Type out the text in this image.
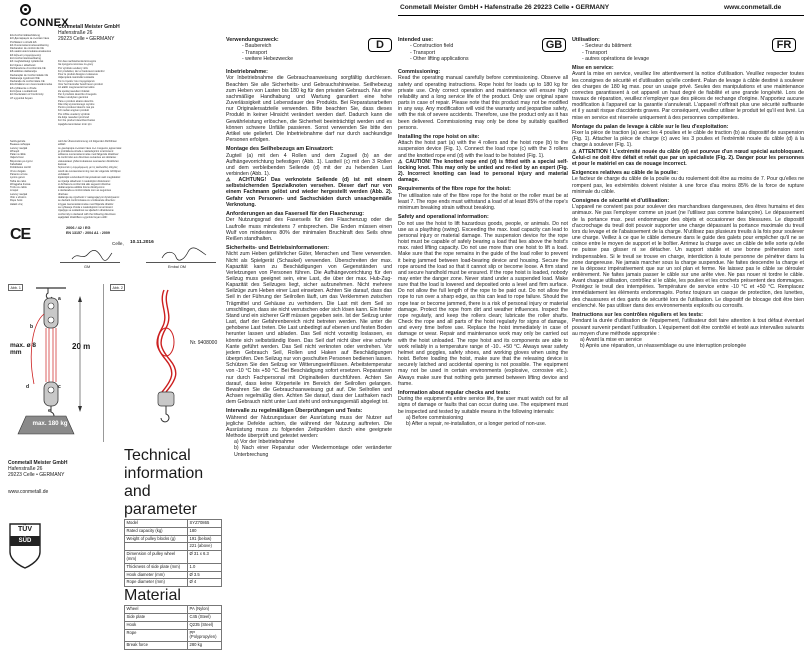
CONNEX
Conmetall Meister GmbH
Hafenstraße 26
29223 Celle • GERMANY
EG-Konformitätserklärung
ЕО Декларация за съответствие
Prohlášení o shodě ES
EF-Overensstemmelseserklæring
Déclaration de conformité CE
EK-vaatimustenmukaisuusvakuutus
ΕΚ Δήλωση συμμόρφωσης
EU-Conformiteitsverklaring
EK megfelelőségi nyilatkozat
EU izjava o skladnosti
Dichiarazione di conformità CE
EB atitikties deklaracija
Declaração de Conformidade CE
Deklaracja zgodności WE
Declarație de conformitate CE
EG-försäkran om överensstämmelse
ES vyhlásenie o zhode
EU-Izjava o sukladnosti
EC Declaration of Conformity
AT uygunluk beyanı
Für das nachstehende Erzeugnis
За продукта посочен по-долу
Pro výrobek uvedený níže
For produktet, der er beskrevet nedenfor
Pour le produit désigné ci-dessous
Jäljempänä mainitulle tuotteelle
Για το προϊόν που περιγράφεται
Voor het hieronder beschreven product
Az alább megnevezett termékre
Za spodaj navedeni izdelek
Per il prodotto descritto di seguito
Toliau nurodytam gaminiui
Para o produto abaixo descrito
Dla niżej wymienionego wyrobu
Pentru produsul descris mai jos
För nedan angiven produkt
Pre nižšie uvedený výrobok
Za dolje navedeni proizvod
For the product described below
Aşağıda tanımlanan ürün için
Seilzugwinde
Въжена лебедка
Lanový naviják
Wirespil
Palan à câble
Vaijerivinssi
Βαρούλκο με σχοινί
Kabeltakel
Drótköteles csörlő
Vrvno dvigalo
Paranco a fune
Lyninė gervė
Talha de cabo
Wciągarka linowa
Troliu cu cablu
Linspel
Lanový navijak
Vitlo s užetom
Rope hoist
Halatlı vinç
wird die Übereinstimmung mit folgenden Richtlinien erklärt:
се декларира съответствие със следните директиви:
je prohlášena shoda s následujícími směrnicemi:
erklæres overensstemmelse med følgende direktiver:
la conformité aux directives suivantes est déclarée :
vakuutetaan yhdenmukaisuus seuraavien direktiivien kanssa:
δηλώνεται η συμμόρφωση με τις ακόλουθες οδηγίες:
wordt de overeenstemming met de volgende richtlijnen verklaard:
kijelentjük a következő irányelveknek való megfelelést:
se izjavlja skladnost z naslednjimi direktivami:
si dichiara la conformità alle seguenti direttive:
deklaruojama atitiktis šioms direktyvoms:
é declarada a conformidade com as seguintes diretivas:
deklaruje się zgodność z następującymi dyrektywami:
se declară conformitatea cu următoarele directive:
intygas överensstämmelse med följande direktiv:
sa vyhlasuje zhoda s nasledujúcimi smernicami:
izjavljuje se sukladnost sa sljedećim direktivama:
conformity is declared with the following directives:
aşağıdaki direktiflere uygunluk beyan edilir:
CE	2006 / 42 / EG
EN 13157 : 2004 A1 : 2009
Celle, 10.11.2016
GM	Embal OM
Abb. 1
20 m
max. ø 8
mm
a
b
c
d
e
max. 180 kg
Abb. 2
Nr. 9408000
Technical information and parameter
Model	SYZ70865
Rated capacity (kg)	180
Weight of pulley blocks (g)	191 (below)
	221 (above)
Dimension of pulley wheel (mm)	Ø 31 x 6.3
Thickness of side plate (mm)	1.0
Hook diameter (mm)	Ø 3.5
Rope diameter (mm)	Ø 4
Material
Wheel	PA (Nylon)
Side plate	C45 (Steel)
Hook	Q235 (Steel)
Rope	PP (Polypropylen)
Break force	280 kg
Conmetall Meister GmbH
Hafenstraße 26
29223 Celle • GERMANY
www.conmetall.de
TÜV
SÜD
Conmetall Meister GmbH • Hafenstraße 26 29223 Celle • GERMANY	www.conmetall.de
D
Verwendungszweck:
- Baubereich
- Transport
- weitere Hebezwecke
Inbetriebnahme:
Vor Inbetriebnahme die Gebrauchsanweisung sorgfältig durchlesen. Beachten Sie alle Sicherheits- und Gebrauchshinweise. Seilhebezug zum Heben von Lasten bis 180 kg für den privaten Gebrauch. Nur eine sachmäßige Handhabung und Wartung garantiert eine hohe Zuverlässigkeit und Lebensdauer des Produkts. Bei Reparaturarbeiten nur Originalersatzteile verwenden. Bitte beachten Sie, dass dieses Produkt in keiner Hinsicht verändert werden darf. Dadurch kann die Gewährleistung erlöschen, die Sicherheit beeinträchtigt werden und es können schwere Unfälle passieren. Sonst verwenden Sie bitte den Artikel wie geliefert. Die Inbetriebnahme darf nur durch sachkundige Personen erfolgen.
Montage des Seilhebezugs am Einsatzort:
Zugteil (a) mit den 4 Rollen und dem Zugseil (b) an der Aufhängevorrichtung befestigen (Abb. 1). Lastteil (c) mit den 3 Rollen und dem verbleibenden Seilende (d) mit der zu hebenden Last verbinden (Abb. 1).
⚠ ACHTUNG! Das verknotete Seilende (d) ist mit einem selbstsichernden Spezialknoten versehen. Dieser darf nur von einem Fachmann gelöst und wieder hergestellt werden (Abb. 2). Gefahr von Personen- und Sachschäden durch unsachgemäße Verknotung.
Anforderungen an das Faserseil für den Flaschenzug:
Der Nutzungsgrad des Faserseils für den Flaschenzug oder die Laufrolle muss mindestens 7 entsprechen. Die Enden müssen einen Wulf von mindestens 80% der minimalen Bruchkraft des Seils ohne Reißen standhalten.
Sicherheits- und Betriebsinformationen:
Nicht zum Heben gefährlicher Güter, Menschen und Tiere verwenden. Nicht als Spielgerät (Schaukel) verwenden. Überschreiten der max. Kapazität kann zu Beschädigungen von Gegenständen und Verletzungen von Personen führen. Die Aufhängevorrichtung für den Seilzug muss geeignet sein, eine Last, die über der max. Hub-Zug-Kapazität des Seilzuges liegt, sicher aufzunehmen. Nicht mehrere Seilzüge zum Heben einer Last einsetzen. Achten Sie darauf, dass das Seil in der Führung der Seilrollen läuft, um das Verklemmen zwischen Trägmittel und Gehäuse zu verhindern. Die Last mit dem Seil so umschlingen, dass sie nicht verrutschen oder sich lösen kann. Ein fester Stand und ein sicherer Griff müssen gegeben sein. Ist der Seilzug unter Last, darf der Gefahrenbereich nicht betreten werden. Nie unter die gehobene Last treten. Die Last unbedingt auf ebenen und festen Boden herunter lassen und abladen. Das Seil nicht vorzeitig loslassen, es könnte sich selbstständig lösen. Das Seil darf nicht über eine scharfe Kante geführt werden. Das Seil nicht verknoten oder verdrehen. Vor jedem Gebrauch Seil, Rollen und Haken auf Beschädigungen überprüfen. Den Seilzug nur von geschulten Personen bedienen lassen. Schützen Sie den Seilzug vor Witterungseinflüssen. Arbeitstemperatur von -10 °C bis +50 °C. Bei Beschädigung sofort ersetzen. Reparaturen nur durch Fachpersonal mit Originalteilen durchführen. Achten Sie darauf, dass keine Körperteile im Bereich der Seilrollen gelangen. Bewahren Sie die Gebrauchsanweisung gut auf. Die Seilrollen und Achsen regelmäßig ölen. Achten Sie darauf, dass der Lasthaken nach dem Gebrauch nicht unter Last steht und ordnungsgemäß abgelegt ist.
Intervalle zu regelmäßigen Überprüfungen und Tests:
Während der Nutzungsdauer der Ausrüstung muss der Nutzer auf jegliche Defekte achten, die während der Nutzung auftreten. Die Ausrüstung muss zu folgenden Zeitpunkten durch eine geeignete Methode überprüft und getestet werden:
a) Vor der Inbetriebnahme
b) Nach einer Reparatur oder Wiedermontage oder veränderter Unterbrechung
GB
Intended use:
- Construction field
- Transport
- Other lifting applications
Commissioning:
Read the operating manual carefully before commissioning. Observe all safety and operating instructions. Rope hoist for loads up to 180 kg for private use. Only correct operation and maintenance will ensure high reliability and a long service life of the product. Only use original spare parts in case of repair. Please note that this product may not be modified in any way. Any modification will void the warranty and jeopardise safety, with the risk of severe accidents. Therefore, use the product only as it has been delivered. Commissioning may only be done by suitably qualified persons.
Installing the rope hoist on site:
Attach the hoist part (a) with the 4 rollers and the hoist rope (b) to the suspension device (Fig. 1). Connect the load rope (c) with the 3 rollers and the knotted rope end (d) with the load to be hoisted (Fig. 1).
⚠ CAUTION! The knotted rope end (d) is fitted with a special self-locking knot. This may only be untied and re-tied by an expert (Fig. 2). Incorrect knotting can lead to personal injury and material damage.
Requirements of the fibre rope for the hoist:
The utilisation rate of the fibre rope for the hoist or the roller must be at least 7. The rope ends must withstand a load of at least 85% of the rope's minimum breaking strain without breaking.
Safety and operational information:
Do not use the hoist to lift hazardous goods, people, or animals. Do not use as a plaything (swing). Exceeding the max. load capacity can lead to personal injury or material damage. The suspension device for the rope hoist must be capable of safely bearing a load that lies above the hoist's max. rated lifting capacity. Do not use more than one hoist to lift a load. Make sure that the rope remains in the guide of the load roller to prevent it being jammed between load-bearing device and housing. Secure the rope around the load so that it cannot slip or become loose. A firm stand and secure handhold must be ensured. If the rope hoist is loaded, nobody may enter the danger zone. Never stand under a suspended load. Make sure that the load is lowered and deposited onto a level and firm surface. Do not allow the full length of the rope to be paid out. Do not allow the rope to run over a sharp edge, as this can lead to rope failure. Should the rope tear or become jammed, there is a risk of personal injury or material damage. Protect the rope from dirt and weather influences. Inspect the rope regularly, and keep the rollers clean; lubricate the roller shafts. Check the rope and all parts of the hoist regularly for signs of damage, and every time before use. Replace the hoist immediately in case of damage or wear. Repair and maintenance work may only be carried out with the hoist unloaded. The rope hoist and its components are able to work reliably in a temperature range of -10.. +50 °C. Always wear safety helmet and goggles, safety shoes, and working gloves when using the hoist. Before loading the hoist, make sure that the releasing device is securely latched and accidental opening is not possible. The equipment may not be used in certain environments (explosive, corrosive etc.). Always make sure that nothing gets jammed between lifting device and frame.
Information about regular checks and tests:
During the equipment's entire service life, the user must watch out for all signs of damage or faults that can occur during use. The equipment must be inspected and tested by suitable means in the following intervals:
a) Before commissioning
b) After a repair, re-installation, or a longer period of non-use.
FR
Utilisation:
- Secteur du bâtiment
- Transport
- autres opérations de levage
Mise en service:
Avant la mise en service, veuillez lire attentivement la notice d'utilisation. Veuillez respecter toutes les consignes de sécurité et d'utilisation qu'elle contient. Palan de levage à câble destiné à soulever des charges de 180 kg max. pour un usage privé. Seules des manipulations et une maintenance correctes garantissent à cet appareil un haut degré de fiabilité et une grande longévité. Lors de travaux de réparation, veuillez n'employer que des pièces de rechange d'origine. N'apportez aucune modification à l'appareil car la garantie s'annulerait. L'appareil n'offrirait plus une sécurité suffisante et il y aurait risque d'accidents graves. Par conséquent, veuillez utiliser le produit tel qu'il est livré. La mise en service est réservée uniquement à des personnes compétentes.
Montage du palan de levage à câble sur le lieu d'exploitation:
Fixer la pièce de traction (a) avec les 4 poulies et le câble de traction (b) au dispositif de suspension (Fig. 1). Attacher la pièce de charge (c) avec les 3 poulies et l'extrémité nouée du câble (d) à la charge à soulever (Fig. 1).
⚠ ATTENTION ! L'extrémité nouée du câble (d) est pourvue d'un nœud spécial autobloquant. Celui-ci ne doit être défait et refait que par un spécialiste (Fig. 2). Danger pour les personnes et pour le matériel en cas de nouage incorrect.
Exigences relatives au câble de la poulie:
Le facteur de charge du câble de la poulie ou du roulement doit être au moins de 7. Pour qu'elles ne rompent pas, les extrémités doivent résister à une force d'au moins 85% de la force de rupture minimale du câble.
Consignes de sécurité et d'utilisation:
L'appareil ne convient pas pour soulever des marchandises dangereuses, des êtres humains et des animaux. Ne pas l'employer comme un jouet (ne l'utilisez pas comme balançoire). Le dépassement de la portance max. peut endommager des objets et occasionner des blessures. Le dispositif d'accrochage du treuil doit pouvoir supporter une charge dépassant la portance maximale du treuil lors du levage et de l'abaissement de la charge. N'utilisez pas plusieurs treuils à la fois pour soulever une charge. Veillez à ce que le câble demeure dans le guide des galets pour empêcher qu'il ne se coince entre le moyen de support et le boîtier. Arrimez la charge avec un câble de telle sorte qu'elle ne puisse pas glisser ni se détacher. Un support stable et une bonne préhension sont indispensables. Si le treuil se trouve en charge, interdiction à toute personne de pénétrer dans la zone dangereuse. Ne jamais marcher sous la charge suspendue. Ne faites descendre la charge et ne la déposez impérativement que sur un sol plan et ferme. Ne laissez pas le câble se dérouler entièrement. Ne faites jamais passer le câble sur une arête vive. Ne pas nouer ni tordre le câble. Avant chaque utilisation, contrôlez si le câble, les poulies et les crochets présentent des dommages. Protégez le treuil des intempéries. Température de service entre -10 °C et +50 °C. Remplacez immédiatement les éléments endommagés. Portez toujours un casque de protection, des lunettes, des chaussures et des gants de sécurité lors de l'utilisation. Le dispositif de blocage doit être bien enclenché. Ne pas utiliser dans des environnements explosifs ou corrosifs.
Instructions sur les contrôles réguliers et les tests:
Pendant la durée d'utilisation de l'équipement, l'utilisateur doit faire attention à tout défaut éventuel pouvant survenir pendant l'utilisation. L'équipement doit être contrôlé et testé aux intervalles suivants au moyen d'une méthode appropriée :
a) Avant la mise en service
b) Après une réparation, un réassemblage ou une interruption prolongée
